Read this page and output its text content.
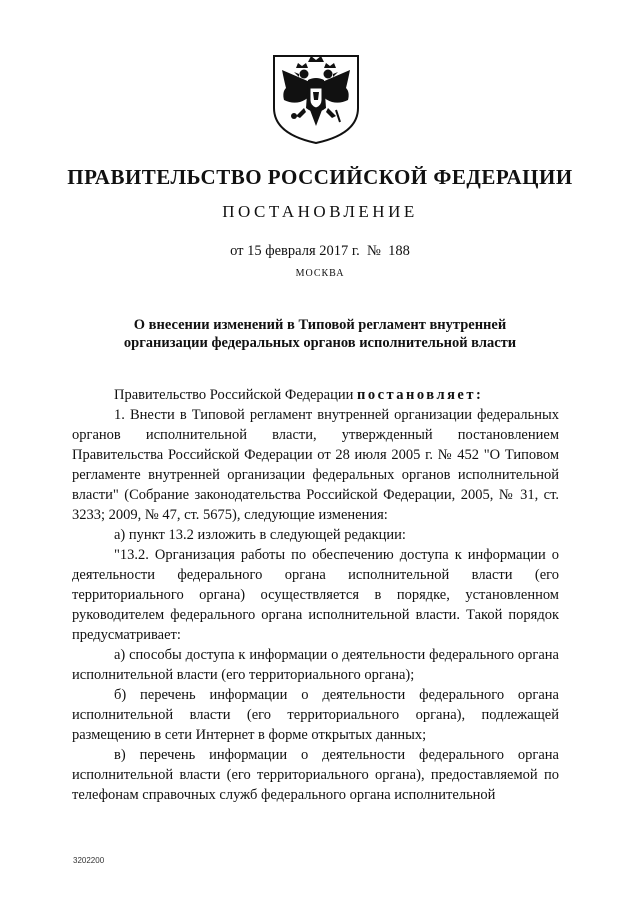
ПРАВИТЕЛЬСТВО РОССИЙСКОЙ ФЕДЕРАЦИИ
ПОСТАНОВЛЕНИЕ
от 15 февраля 2017 г.  №  188
МОСКВА
О внесении изменений в Типовой регламент внутренней
организации федеральных органов исполнительной власти

Правительство Российской Федерации постановляет:

1. Внести в Типовой регламент внутренней организации федеральных органов исполнительной власти, утвержденный постановлением Правительства Российской Федерации от 28 июля 2005 г. № 452 "О Типовом регламенте внутренней организации федеральных органов исполнительной власти" (Собрание законодательства Российской Федерации, 2005, № 31, ст. 3233; 2009, № 47, ст. 5675), следующие изменения:

а) пункт 13.2 изложить в следующей редакции:

"13.2. Организация работы по обеспечению доступа к информации о деятельности федерального органа исполнительной власти (его территориального органа) осуществляется в порядке, установленном руководителем федерального органа исполнительной власти. Такой порядок предусматривает:

а) способы доступа к информации о деятельности федерального органа исполнительной власти (его территориального органа);

б) перечень информации о деятельности федерального органа исполнительной власти (его территориального органа), подлежащей размещению в сети Интернет в форме открытых данных;

в) перечень информации о деятельности федерального органа исполнительной власти (его территориального органа), предоставляемой по телефонам справочных служб федерального органа исполнительной

3202200
